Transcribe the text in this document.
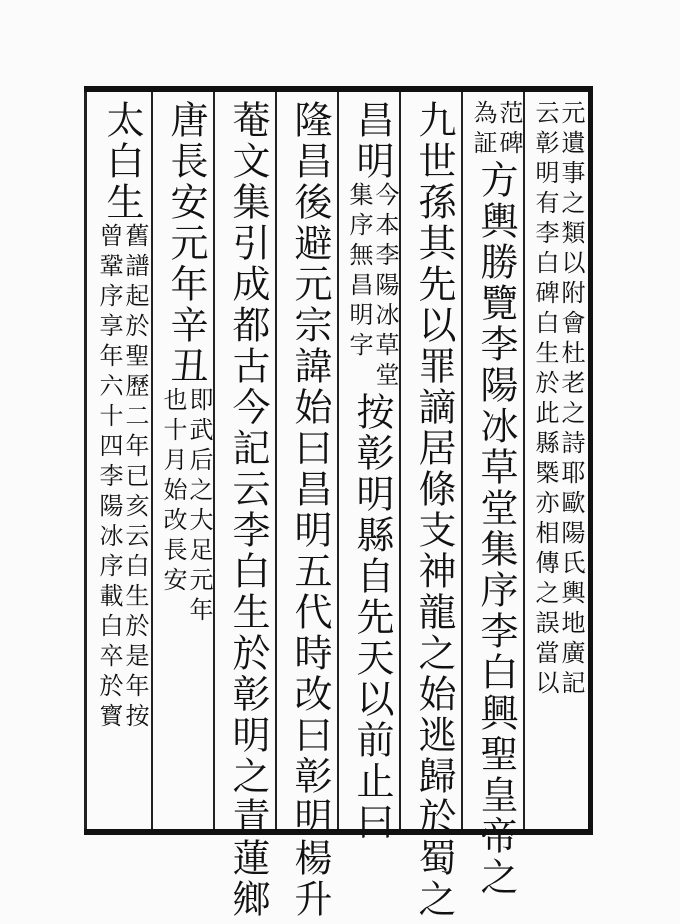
元遺事之類以附會杜老之詩耶歐陽氏輿地廣記

云彰明有李白碑白生於此縣㮣亦相傳之誤當以

范碑

為証

方輿勝覽李陽冰草堂集序李白興聖皇帝之

九世孫其先以罪謫居條支神龍之始逃歸於蜀之

昌明

今本李陽冰草堂

集序無昌明字

按彰明縣自先天以前止曰

隆昌後避元宗諱始曰昌明五代時改曰彰明楊升

菴文集引成都古今記云李白生於彰明之青蓮鄉

唐長安元年辛丑

即武后之大足元年

也十月始改長安

太白生

舊譜起於聖歷二年已亥云白生於是年按

曾鞏序享年六十四李陽冰序載白卒於寳
